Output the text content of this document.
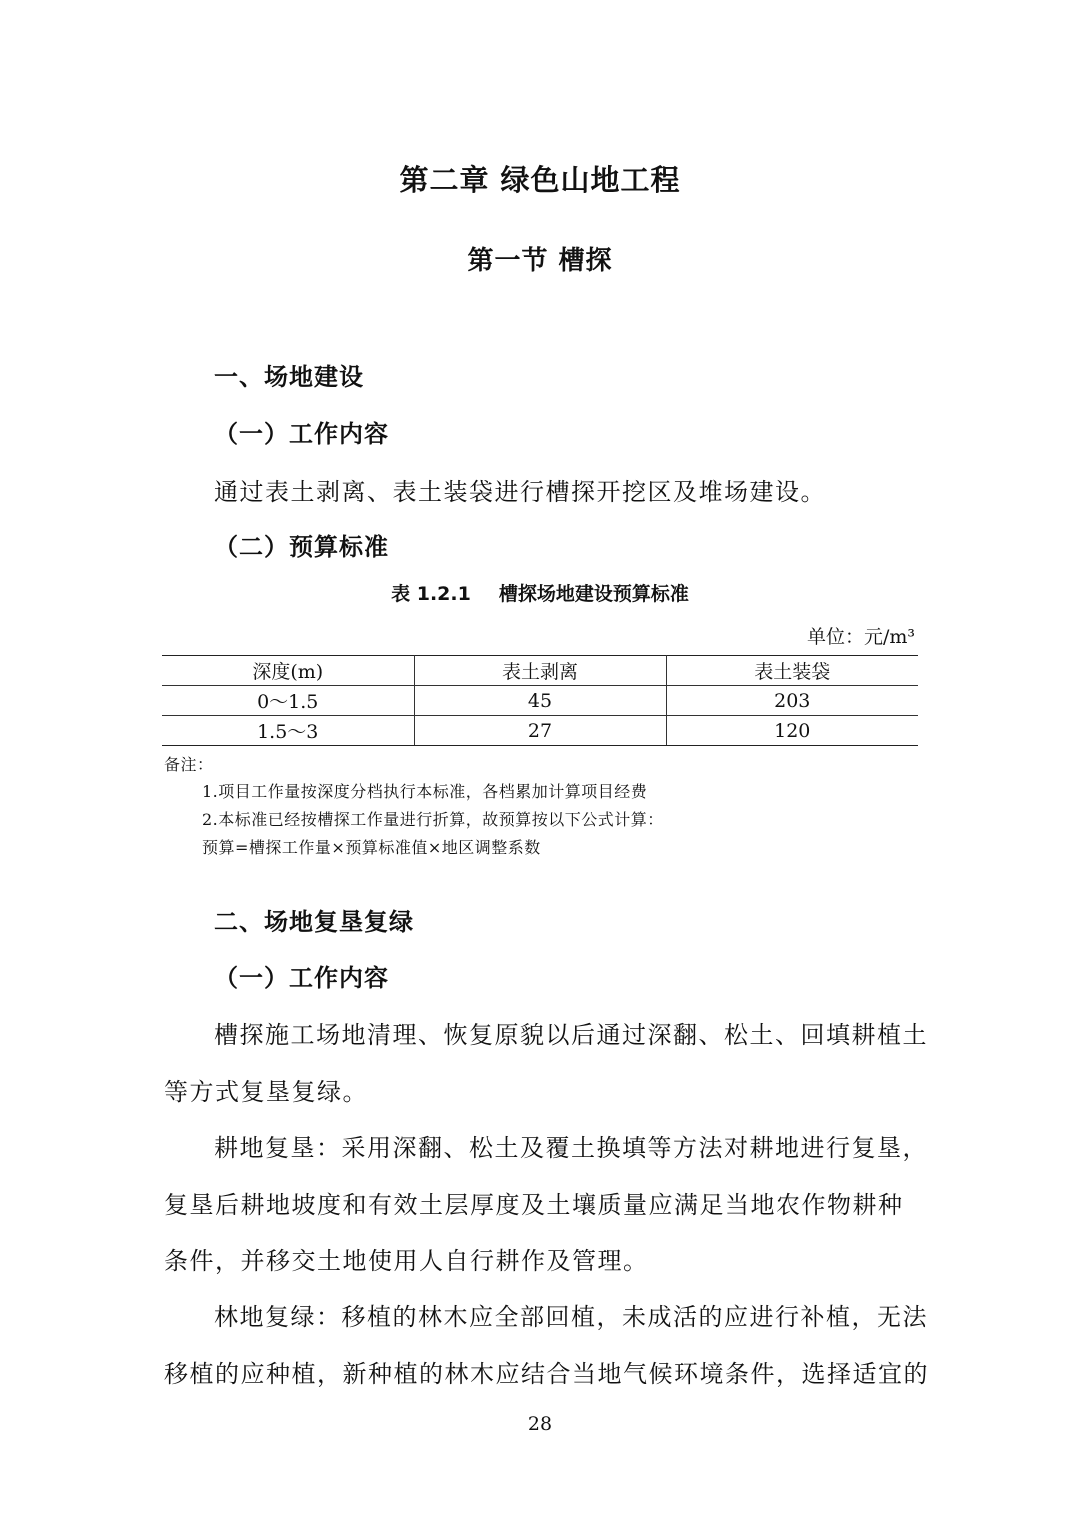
第二章 绿色山地工程
第一节 槽探
一、场地建设
（一）工作内容
通过表土剥离、表土装袋进行槽探开挖区及堆场建设。
（二）预算标准
表 1.2.1 槽探场地建设预算标准
单位：元/m³
深度(m)	表土剥离	表土装袋
0～1.5	45	203
1.5～3	27	120
备注：
1.项目工作量按深度分档执行本标准，各档累加计算项目经费
2.本标准已经按槽探工作量进行折算，故预算按以下公式计算：
预算=槽探工作量×预算标准值×地区调整系数
二、场地复垦复绿
（一）工作内容
槽探施工场地清理、恢复原貌以后通过深翻、松土、回填耕植土
等方式复垦复绿。
耕地复垦：采用深翻、松土及覆土换填等方法对耕地进行复垦，
复垦后耕地坡度和有效土层厚度及土壤质量应满足当地农作物耕种
条件，并移交土地使用人自行耕作及管理。
林地复绿：移植的林木应全部回植，未成活的应进行补植，无法
移植的应种植，新种植的林木应结合当地气候环境条件，选择适宜的
28
